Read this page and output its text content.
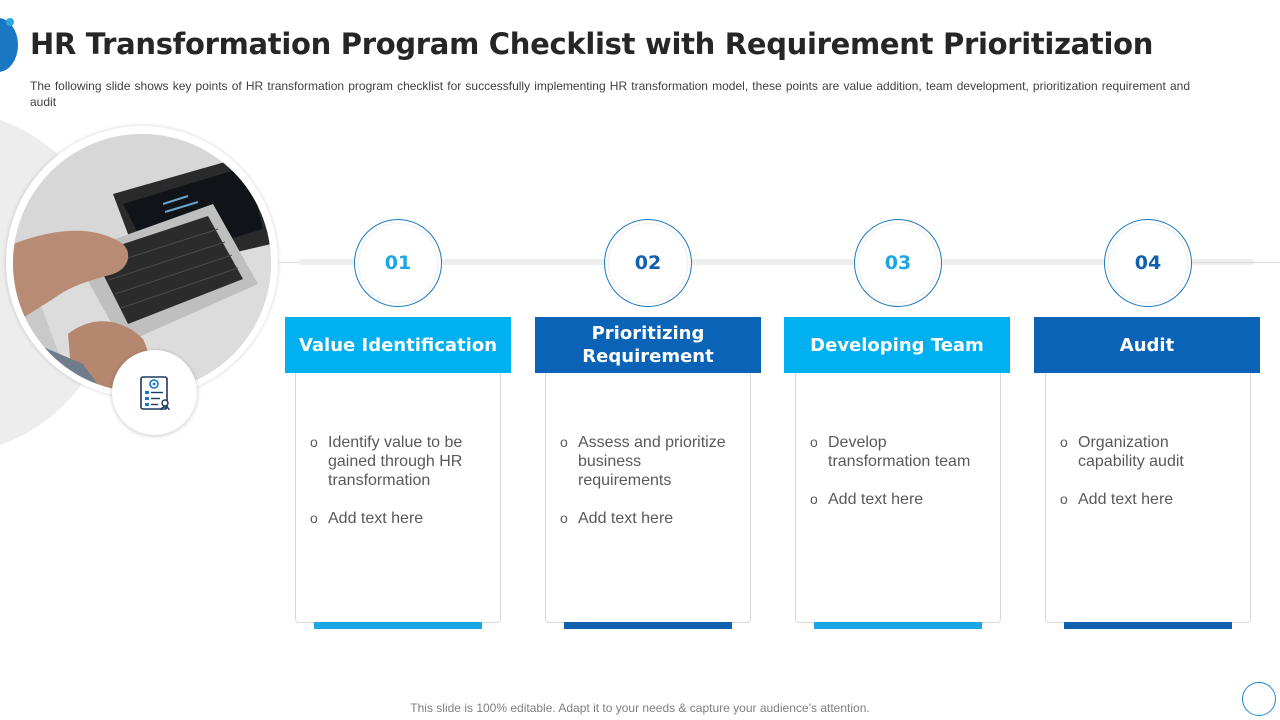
HR Transformation Program Checklist with Requirement Prioritization

The following slide shows key points of HR transformation program checklist for successfully implementing HR transformation model, these points are value addition, team development, prioritization requirement and audit

01
Value Identification
o Identify value to be gained through HR transformation
o Add text here
02
Prioritizing Requirement
o Assess and prioritize business requirements
o Add text here
03
Developing Team
o Develop transformation team
o Add text here
04
Audit
o Organization capability audit
o Add text here

This slide is 100% editable. Adapt it to your needs & capture your audience’s attention.
